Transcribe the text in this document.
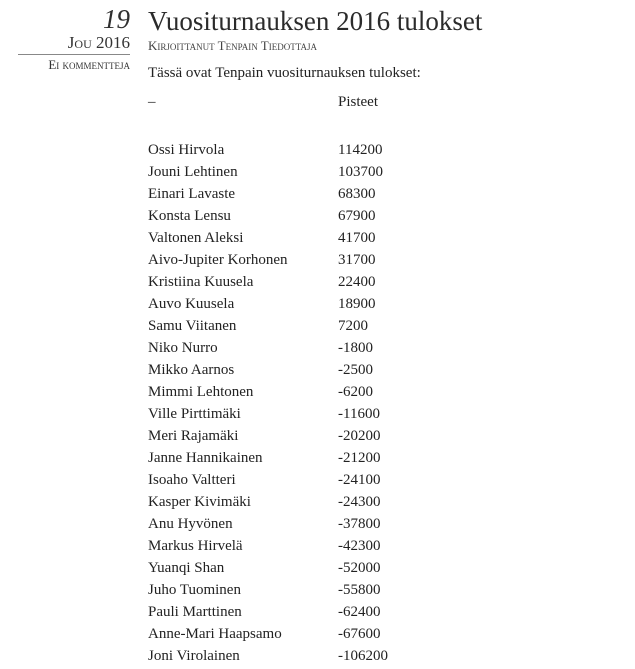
19
Jou 2016
Ei kommentteja
Vuositurnauksen 2016 tulokset
Kirjoittanut Tenpain Tiedottaja
Tässä ovat Tenpain vuositurnauksen tulokset:
–	Pisteet

Ossi Hirvola	114200
Jouni Lehtinen	103700
Einari Lavaste	68300
Konsta Lensu	67900
Valtonen Aleksi	41700
Aivo-Jupiter Korhonen	31700
Kristiina Kuusela	22400
Auvo Kuusela	18900
Samu Viitanen	7200
Niko Nurro	-1800
Mikko Aarnos	-2500
Mimmi Lehtonen	-6200
Ville Pirttimäki	-11600
Meri Rajamäki	-20200
Janne Hannikainen	-21200
Isoaho Valtteri	-24100
Kasper Kivimäki	-24300
Anu Hyvönen	-37800
Markus Hirvelä	-42300
Yuanqi Shan	-52000
Juho Tuominen	-55800
Pauli Marttinen	-62400
Anne-Mari Haapsamo	-67600
Joni Virolainen	-106200
